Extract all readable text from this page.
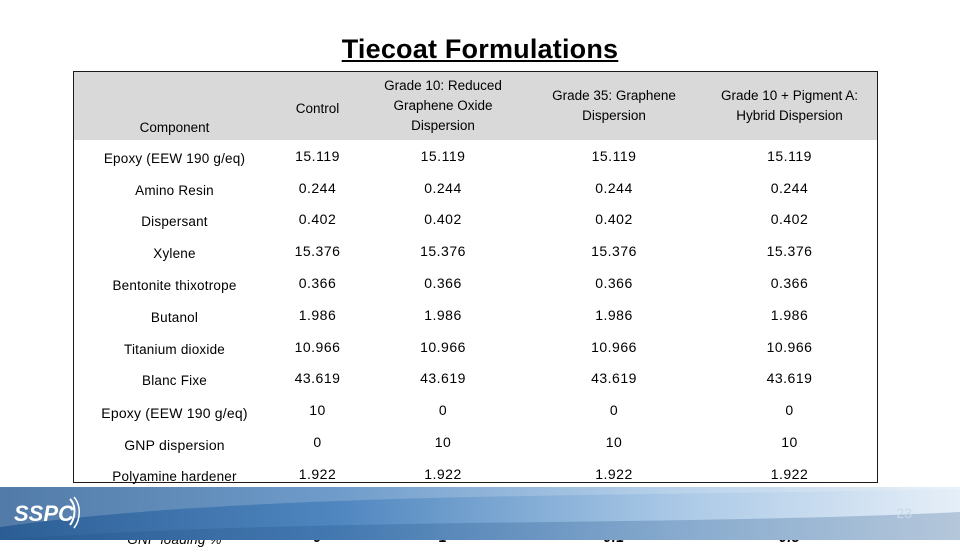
Tiecoat Formulations
Component	Control	Grade 10: Reduced Graphene Oxide Dispersion	Grade 35: Graphene Dispersion	Grade 10 + Pigment A: Hybrid Dispersion
Epoxy (EEW 190 g/eq)	15.119	15.119	15.119	15.119
Amino Resin	0.244	0.244	0.244	0.244
Dispersant	0.402	0.402	0.402	0.402
Xylene	15.376	15.376	15.376	15.376
Bentonite thixotrope	0.366	0.366	0.366	0.366
Butanol	1.986	1.986	1.986	1.986
Titanium dioxide	10.966	10.966	10.966	10.966
Blanc Fixe	43.619	43.619	43.619	43.619
Epoxy (EEW 190 g/eq)	10	0	0	0
GNP dispersion	0	10	10	10
Polyamine hardener	1.922	1.922	1.922	1.922

SSPC	23
